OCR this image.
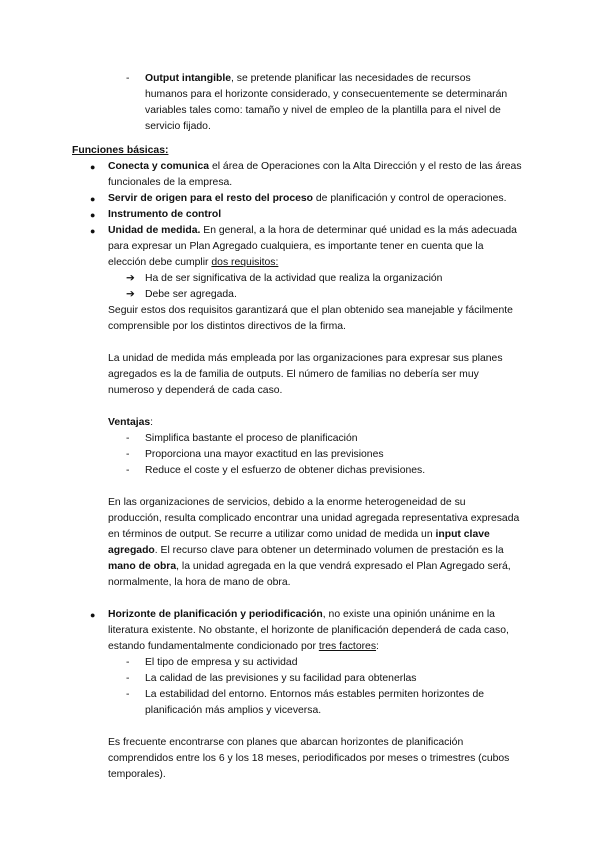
- Output intangible, se pretende planificar las necesidades de recursos humanos para el horizonte considerado, y consecuentemente se determinarán variables tales como: tamaño y nivel de empleo de la plantilla para el nivel de servicio fijado.
Funciones básicas:
● Conecta y comunica el área de Operaciones con la Alta Dirección y el resto de las áreas funcionales de la empresa.
● Servir de origen para el resto del proceso de planificación y control de operaciones.
● Instrumento de control
● Unidad de medida. En general, a la hora de determinar qué unidad es la más adecuada para expresar un Plan Agregado cualquiera, es importante tener en cuenta que la elección debe cumplir dos requisitos:
➔ Ha de ser significativa de la actividad que realiza la organización
➔ Debe ser agregada.
Seguir estos dos requisitos garantizará que el plan obtenido sea manejable y fácilmente comprensible por los distintos directivos de la firma.
La unidad de medida más empleada por las organizaciones para expresar sus planes agregados es la de familia de outputs. El número de familias no debería ser muy numeroso y dependerá de cada caso.
Ventajas:
- Simplifica bastante el proceso de planificación
- Proporciona una mayor exactitud en las previsiones
- Reduce el coste y el esfuerzo de obtener dichas previsiones.
En las organizaciones de servicios, debido a la enorme heterogeneidad de su producción, resulta complicado encontrar una unidad agregada representativa expresada en términos de output. Se recurre a utilizar como unidad de medida un input clave agregado. El recurso clave para obtener un determinado volumen de prestación es la mano de obra, la unidad agregada en la que vendrá expresado el Plan Agregado será, normalmente, la hora de mano de obra.
● Horizonte de planificación y periodificación, no existe una opinión unánime en la literatura existente. No obstante, el horizonte de planificación dependerá de cada caso, estando fundamentalmente condicionado por tres factores:
- El tipo de empresa y su actividad
- La calidad de las previsiones y su facilidad para obtenerlas
- La estabilidad del entorno. Entornos más estables permiten horizontes de planificación más amplios y viceversa.
Es frecuente encontrarse con planes que abarcan horizontes de planificación comprendidos entre los 6 y los 18 meses, periodificados por meses o trimestres (cubos temporales).
